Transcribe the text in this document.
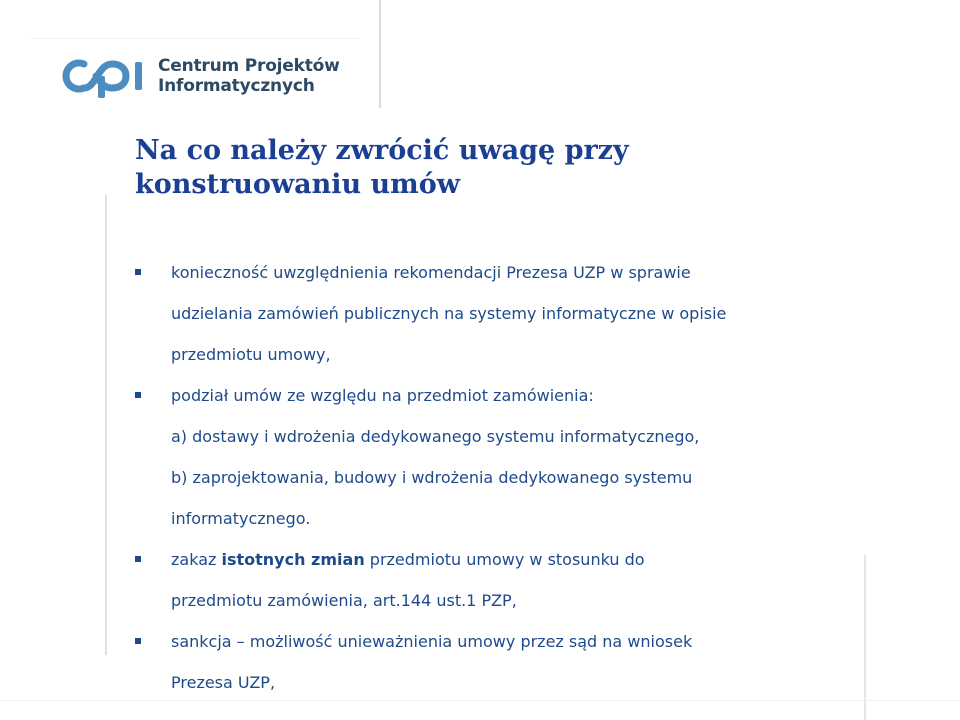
Centrum Projektów
Informatycznych
Na co należy zwrócić uwagę przy
konstruowaniu umów
konieczność uwzględnienia rekomendacji Prezesa UZP w sprawie
udzielania zamówień publicznych na systemy informatyczne w opisie
przedmiotu umowy,
podział umów ze względu na przedmiot zamówienia:
a) dostawy i wdrożenia dedykowanego systemu informatycznego,
b) zaprojektowania, budowy i wdrożenia dedykowanego systemu
informatycznego.
zakaz istotnych zmian przedmiotu umowy w stosunku do
przedmiotu zamówienia, art.144 ust.1 PZP,
sankcja – możliwość unieważnienia umowy przez sąd na wniosek
Prezesa UZP,
